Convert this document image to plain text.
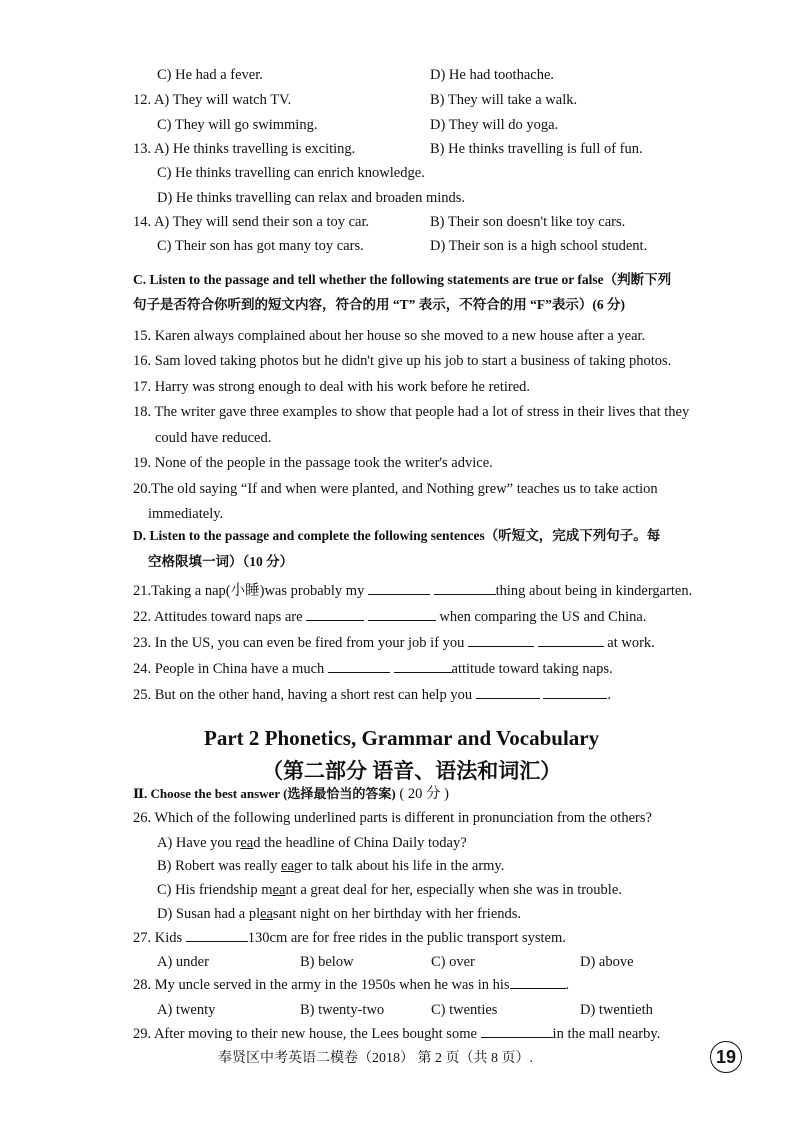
C) He had a fever.	D) He had toothache.
12. A) They will watch TV.	B) They will take a walk.
C) They will go swimming.	D) They will do yoga.
13. A) He thinks travelling is exciting.	B) He thinks travelling is full of fun.
C) He thinks travelling can enrich knowledge.
D) He thinks travelling can relax and broaden minds.
14. A) They will send their son a toy car.	B) Their son doesn't like toy cars.
C) Their son has got many toy cars.	D) Their son is a high school student.
C. Listen to the passage and tell whether the following statements are true or false（判断下列
句子是否符合你听到的短文内容，符合的用 “T” 表示，不符合的用 “F”表示）(6 分)
15. Karen always complained about her house so she moved to a new house after a year.
16. Sam loved taking photos but he didn't give up his job to start a business of taking photos.
17. Harry was strong enough to deal with his work before he retired.
18. The writer gave three examples to show that people had a lot of stress in their lives that they
could have reduced.
19. None of the people in the passage took the writer's advice.
20.The old saying “If and when were planted, and Nothing grew” teaches us to take action
immediately.
D. Listen to the passage and complete the following sentences（听短文，完成下列句子。每
空格限填一词）（10 分）
21.Taking a nap(小睡)was probably my	thing about being in kindergarten.
22. Attitudes toward naps are	when comparing the US and China.
23. In the US, you can even be fired from your job if you	at work.
24. People in China have a much	attitude toward taking naps.
25. But on the other hand, having a short rest can help you	.
Part 2 Phonetics, Grammar and Vocabulary
（第二部分 语音、语法和词汇）
Ⅱ. Choose the best answer (选择最恰当的答案) ( 20 分 )
26. Which of the following underlined parts is different in pronunciation from the others?
A) Have you read the headline of China Daily today?
B) Robert was really eager to talk about his life in the army.
C) His friendship meant a great deal for her, especially when she was in trouble.
D) Susan had a pleasant night on her birthday with her friends.
27. Kids	130cm are for free rides in the public transport system.
A) under	B) below	C) over	D) above
28. My uncle served in the army in the 1950s when he was in his	.
A) twenty	B) twenty-two	C) twenties	D) twentieth
29. After moving to their new house, the Lees bought some	in the mall nearby.
奉贤区中考英语二模卷（2018） 第 2 页（共 8 页）.	19
